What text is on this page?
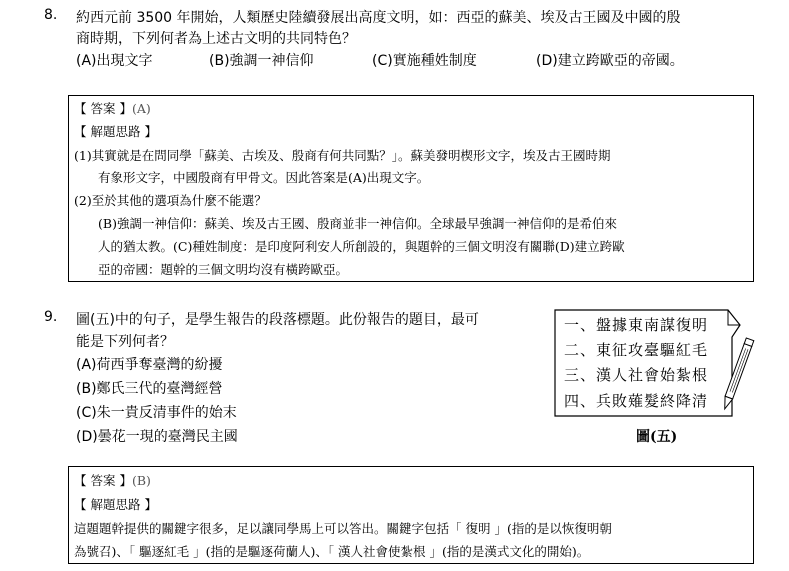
8. 約西元前 3500 年開始，人類歷史陸續發展出高度文明，如：西亞的蘇美、埃及古王國及中國的殷
商時期，下列何者為上述古文明的共同特色？
(A)出現文字	(B)強調一神信仰	(C)實施種姓制度	(D)建立跨歐亞的帝國。
【 答案 】(A)
【 解題思路 】
(1)其實就是在問同學「蘇美、古埃及、殷商有何共同點？」。蘇美發明楔形文字，埃及古王國時期
有象形文字，中國殷商有甲骨文。因此答案是(A)出現文字。
(2)至於其他的選項為什麼不能選？
(B)強調一神信仰：蘇美、埃及古王國、殷商並非一神信仰。全球最早強調一神信仰的是希伯來
人的猶太教。(C)種姓制度：是印度阿利安人所創設的，與題幹的三個文明沒有關聯(D)建立跨歐
亞的帝國：題幹的三個文明均沒有橫跨歐亞。
9. 圖(五)中的句子，是學生報告的段落標題。此份報告的題目，最可
能是下列何者？
(A)荷西爭奪臺灣的紛擾
(B)鄭氏三代的臺灣經營
(C)朱一貴反清事件的始末
(D)曇花一現的臺灣民主國
一、盤據東南謀復明
二、東征攻臺驅紅毛
三、漢人社會始紮根
四、兵敗薙髮終降清
圖(五)
【 答案 】(B)
【 解題思路 】
這題題幹提供的關鍵字很多，足以讓同學馬上可以答出。關鍵字包括「 復明 」(指的是以恢復明朝
為號召)、「 驅逐紅毛 」(指的是驅逐荷蘭人)、「 漢人社會使紮根 」(指的是漢式文化的開始)。
